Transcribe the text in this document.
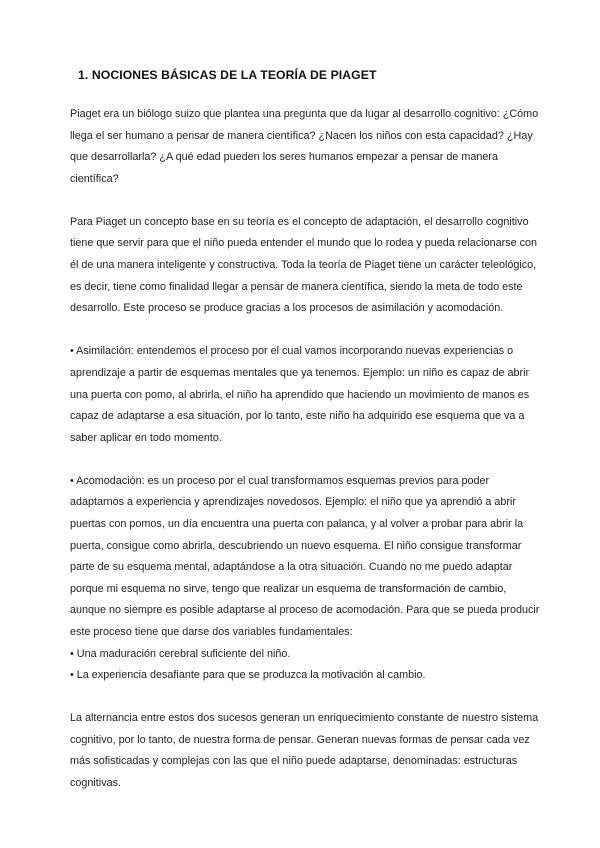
1. NOCIONES BÁSICAS DE LA TEORÍA DE PIAGET

Piaget era un biólogo suizo que plantea una pregunta que da lugar al desarrollo cognitivo: ¿Cómo llega el ser humano a pensar de manera científica? ¿Nacen los niños con esta capacidad? ¿Hay que desarrollarla? ¿A qué edad pueden los seres humanos empezar a pensar de manera científica?

Para Piaget un concepto base en su teoría es el concepto de adaptación, el desarrollo cognitivo tiene que servir para que el niño pueda entender el mundo que lo rodea y pueda relacionarse con él de una manera inteligente y constructiva. Toda la teoría de Piaget tiene un carácter teleológico, es decir, tiene como finalidad llegar a pensar de manera científica, siendo la meta de todo este desarrollo. Este proceso se produce gracias a los procesos de asimilación y acomodación.

• Asimilación: entendemos el proceso por el cual vamos incorporando nuevas experiencias o aprendizaje a partir de esquemas mentales que ya tenemos. Ejemplo: un niño es capaz de abrir una puerta con pomo, al abrirla, el niño ha aprendido que haciendo un movimiento de manos es capaz de adaptarse a esa situación, por lo tanto, este niño ha adquirido ese esquema que va a saber aplicar en todo momento.

• Acomodación: es un proceso por el cual transformamos esquemas previos para poder adaptarnos a experiencia y aprendizajes novedosos. Ejemplo: el niño que ya aprendió a abrir puertas con pomos, un día encuentra una puerta con palanca, y al volver a probar para abrir la puerta, consigue como abrirla, descubriendo un nuevo esquema. El niño consigue transformar parte de su esquema mental, adaptándose a la otra situación. Cuando no me puedo adaptar porque mi esquema no sirve, tengo que realizar un esquema de transformación de cambio, aunque no siempre es posible adaptarse al proceso de acomodación. Para que se pueda producir este proceso tiene que darse dos variables fundamentales:

• Una maduración cerebral suficiente del niño.
• La experiencia desafiante para que se produzca la motivación al cambio.

La alternancia entre estos dos sucesos generan un enriquecimiento constante de nuestro sistema cognitivo, por lo tanto, de nuestra forma de pensar. Generan nuevas formas de pensar cada vez más sofisticadas y complejas con las que el niño puede adaptarse, denominadas: estructuras cognitivas.
